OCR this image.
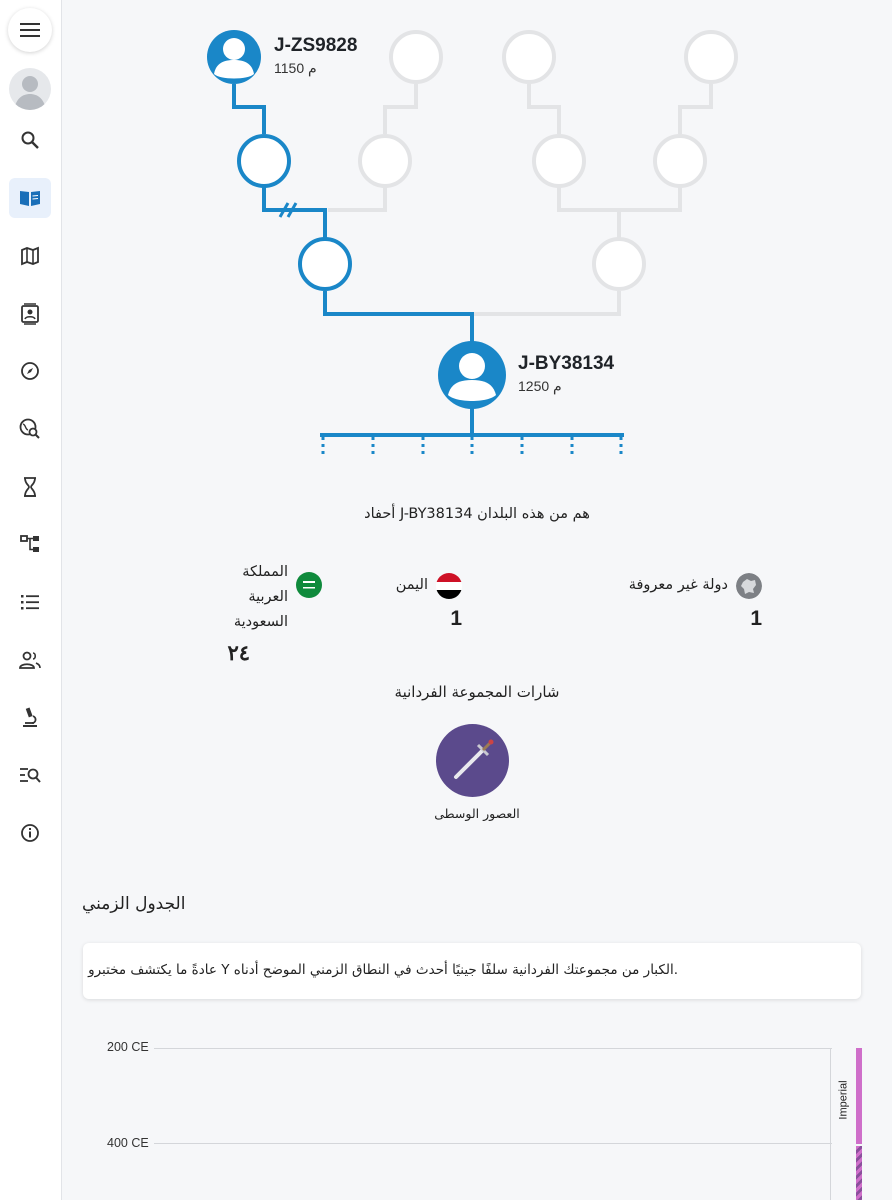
J-ZS9828
م 1150
J-BY38134
م 1250
هم من هذه البلدان J-BY38134 أحفاد
دولة غير معروفة
1
اليمن
1
المملكة العربية السعودية
٢٤
شارات المجموعة الفردانية
العصور الوسطى
الجدول الزمني

.الكبار من مجموعتك الفردانية سلفًا جينيًا أحدث في النطاق الزمني الموضح أدناه Y عادةً ما يكتشف مختبرو

200 CE
400 CE
Imperial
